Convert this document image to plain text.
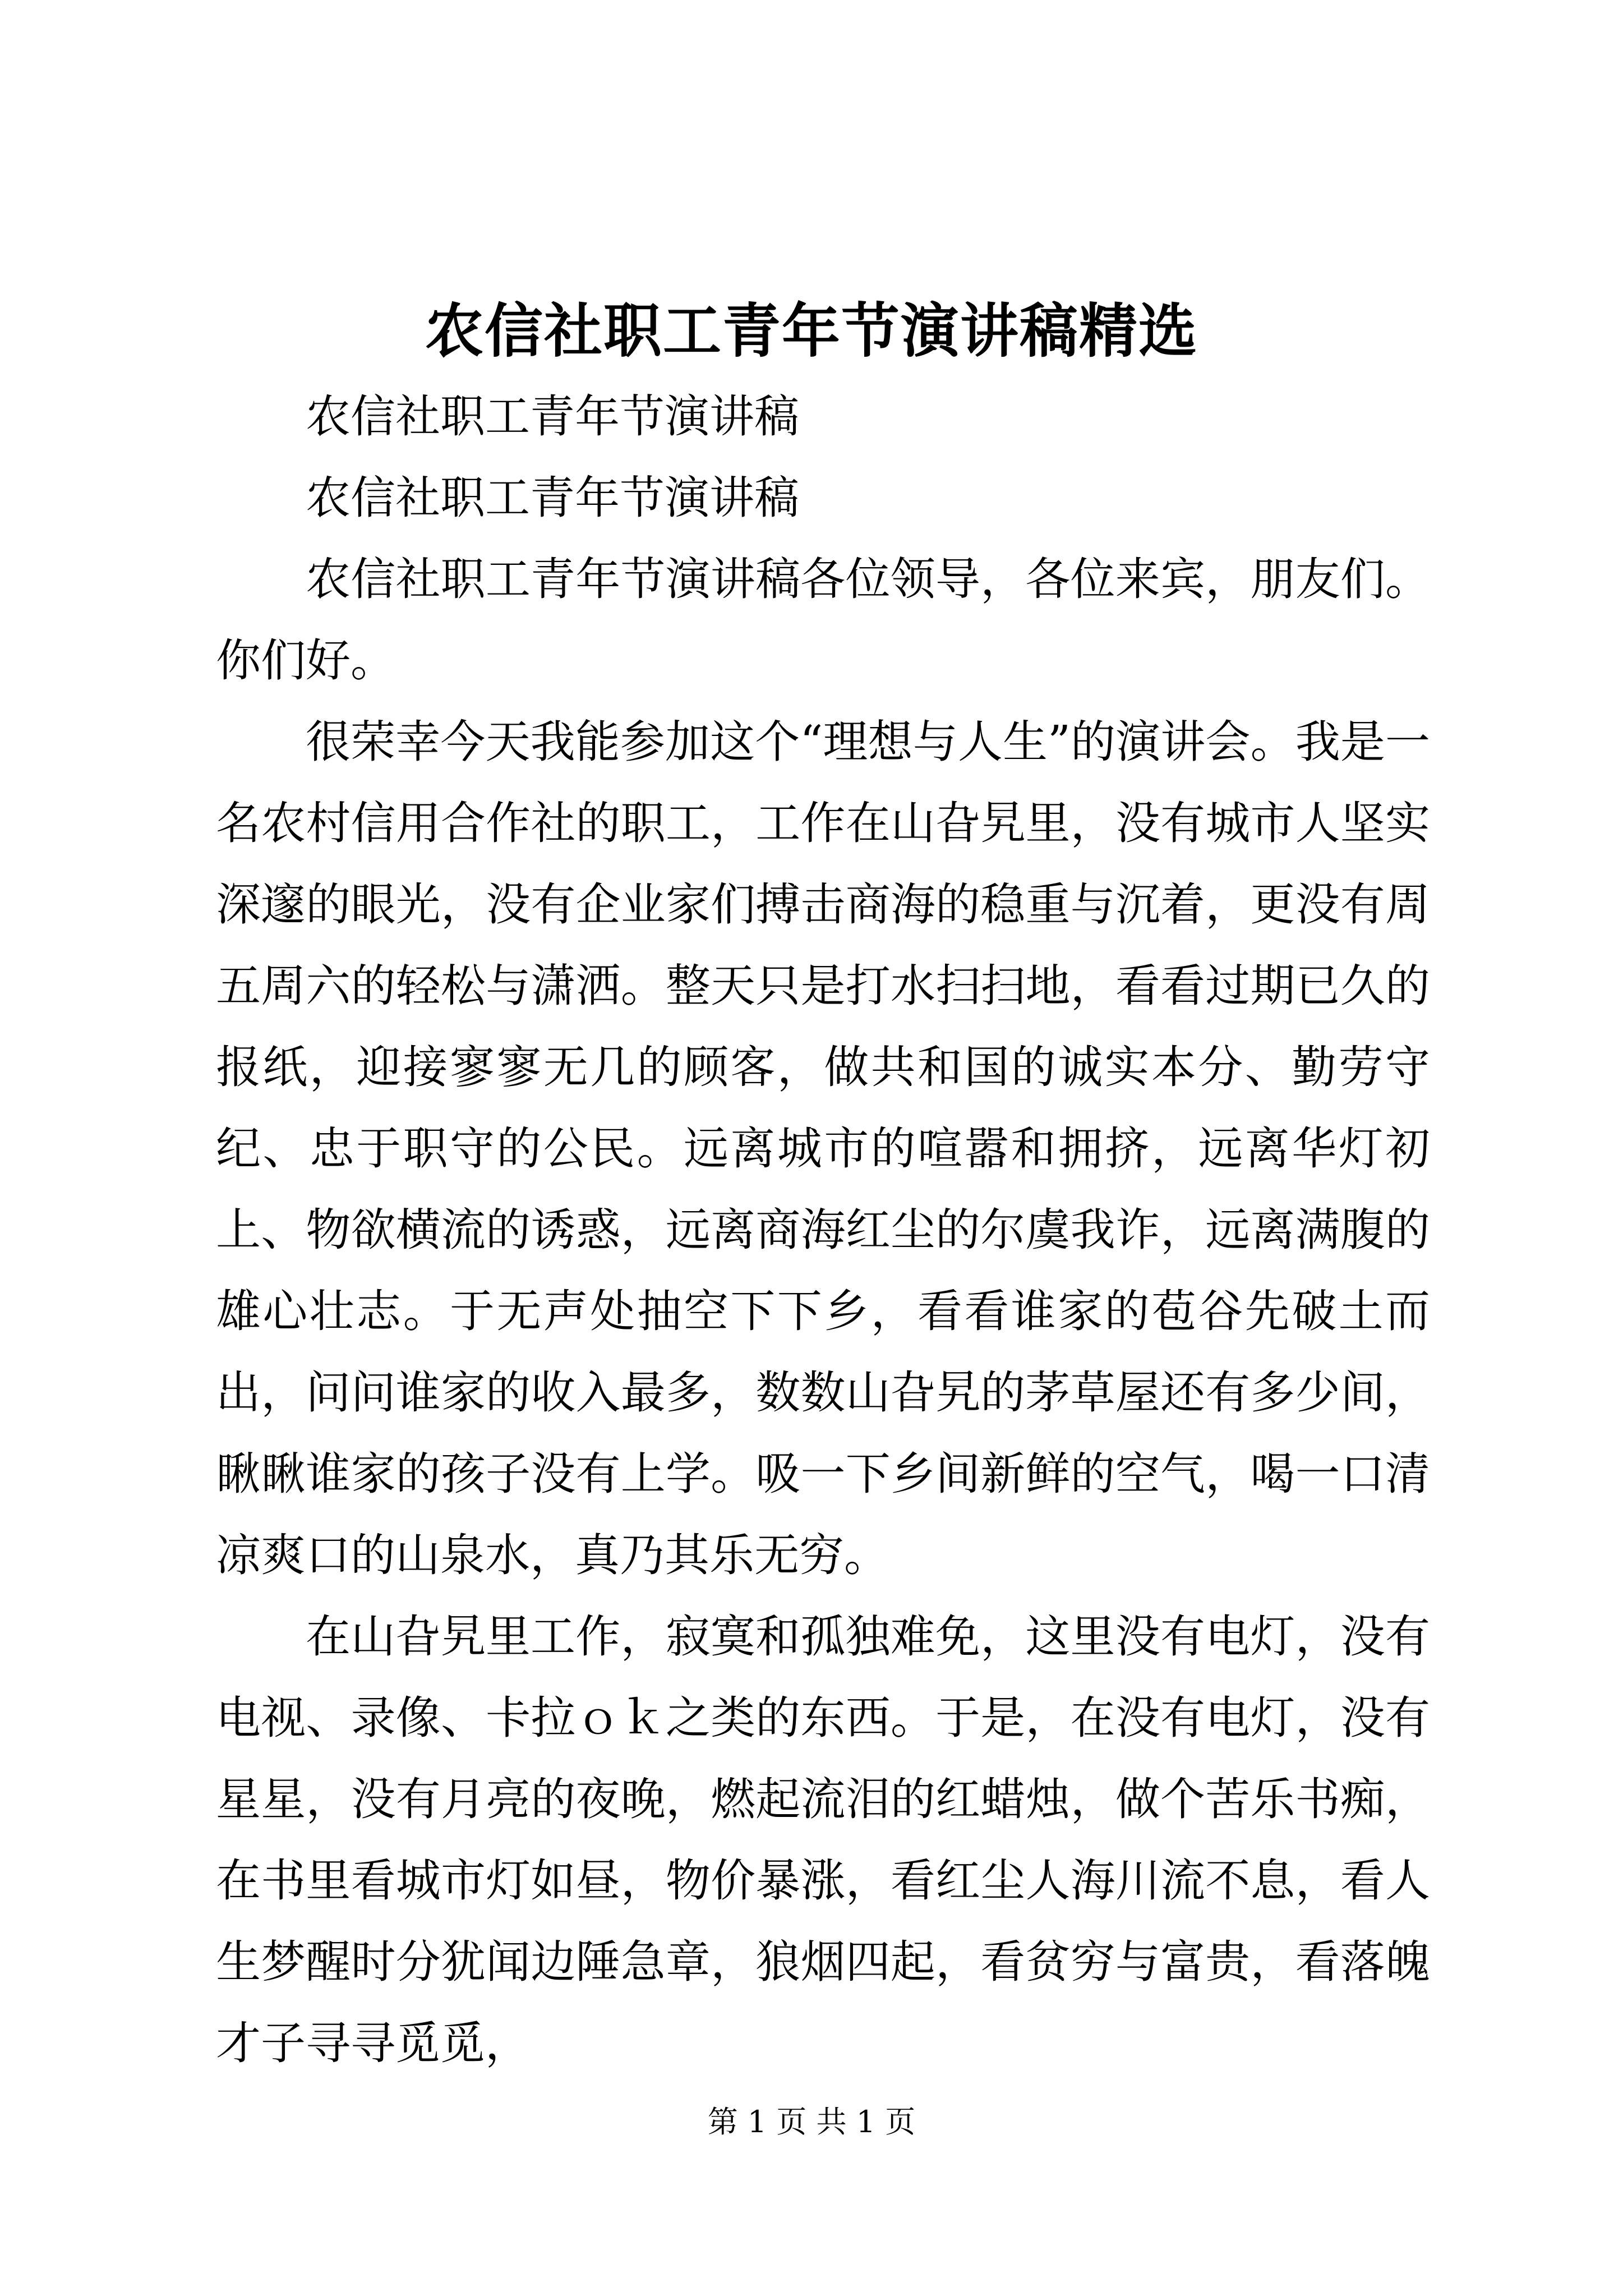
农信社职工青年节演讲稿精选

农信社职工青年节演讲稿

农信社职工青年节演讲稿

农信社职工青年节演讲稿各位领导，各位来宾，朋友们。你们好。

很荣幸今天我能参加这个“理想与人生”的演讲会。我是一名农村信用合作社的职工，工作在山旮旯里，没有城市人坚实深邃的眼光，没有企业家们搏击商海的稳重与沉着，更没有周五周六的轻松与潇洒。整天只是打水扫扫地，看看过期已久的报纸，迎接寥寥无几的顾客，做共和国的诚实本分、勤劳守纪、忠于职守的公民。远离城市的喧嚣和拥挤，远离华灯初上、物欲横流的诱惑，远离商海红尘的尔虞我诈，远离满腹的雄心壮志。于无声处抽空下下乡，看看谁家的苞谷先破土而出，问问谁家的收入最多，数数山旮旯的茅草屋还有多少间，瞅瞅谁家的孩子没有上学。吸一下乡间新鲜的空气，喝一口清凉爽口的山泉水，真乃其乐无穷。

在山旮旯里工作，寂寞和孤独难免，这里没有电灯，没有电视、录像、卡拉ｏｋ之类的东西。于是，在没有电灯，没有星星，没有月亮的夜晚，燃起流泪的红蜡烛，做个苦乐书痴，在书里看城市灯如昼，物价暴涨，看红尘人海川流不息，看人生梦醒时分犹闻边陲急章，狼烟四起，看贫穷与富贵，看落魄才子寻寻觅觅，

第 1 页 共 1 页
